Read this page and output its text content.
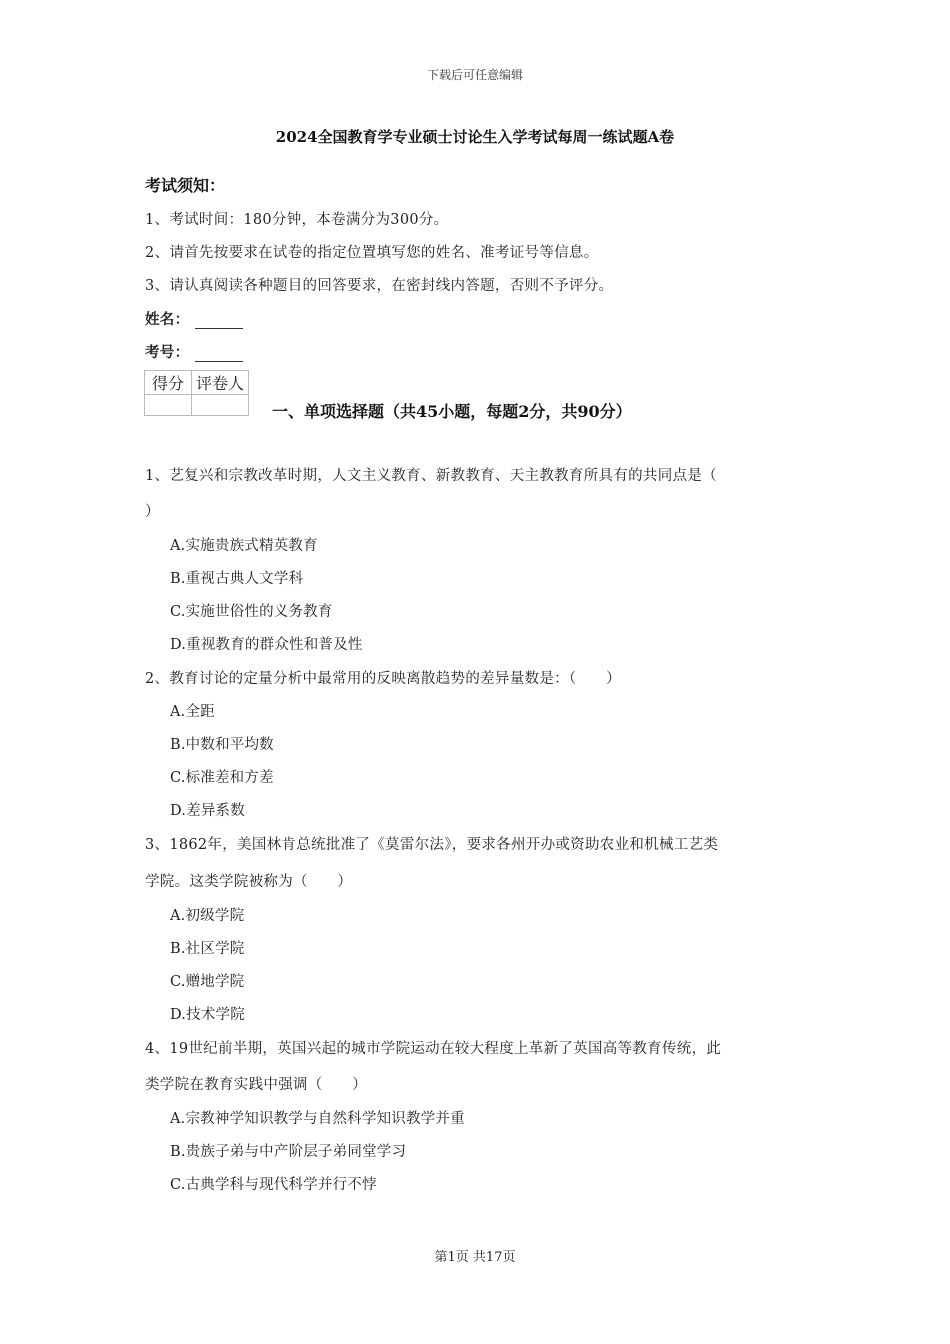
下载后可任意编辑
2024全国教育学专业硕士讨论生入学考试每周一练试题A卷
考试须知：
1、考试时间：180分钟，本卷满分为300分。
2、请首先按要求在试卷的指定位置填写您的姓名、准考证号等信息。
3、请认真阅读各种题目的回答要求，在密封线内答题，否则不予评分。
姓名：
考号：
得分	评卷人

一、单项选择题（共45小题，每题2分，共90分）
1、艺复兴和宗教改革时期，人文主义教育、新教教育、天主教教育所具有的共同点是（
）
A.实施贵族式精英教育
B.重视古典人文学科
C.实施世俗性的义务教育
D.重视教育的群众性和普及性
2、教育讨论的定量分析中最常用的反映离散趋势的差异量数是：（　　）
A.全距
B.中数和平均数
C.标准差和方差
D.差异系数
3、1862年，美国林肯总统批准了《莫雷尔法》，要求各州开办或资助农业和机械工艺类
学院。这类学院被称为（　　）
A.初级学院
B.社区学院
C.赠地学院
D.技术学院
4、19世纪前半期，英国兴起的城市学院运动在较大程度上革新了英国高等教育传统，此
类学院在教育实践中强调（　　）
A.宗教神学知识教学与自然科学知识教学并重
B.贵族子弟与中产阶层子弟同堂学习
C.古典学科与现代科学并行不悖
第1页 共17页
